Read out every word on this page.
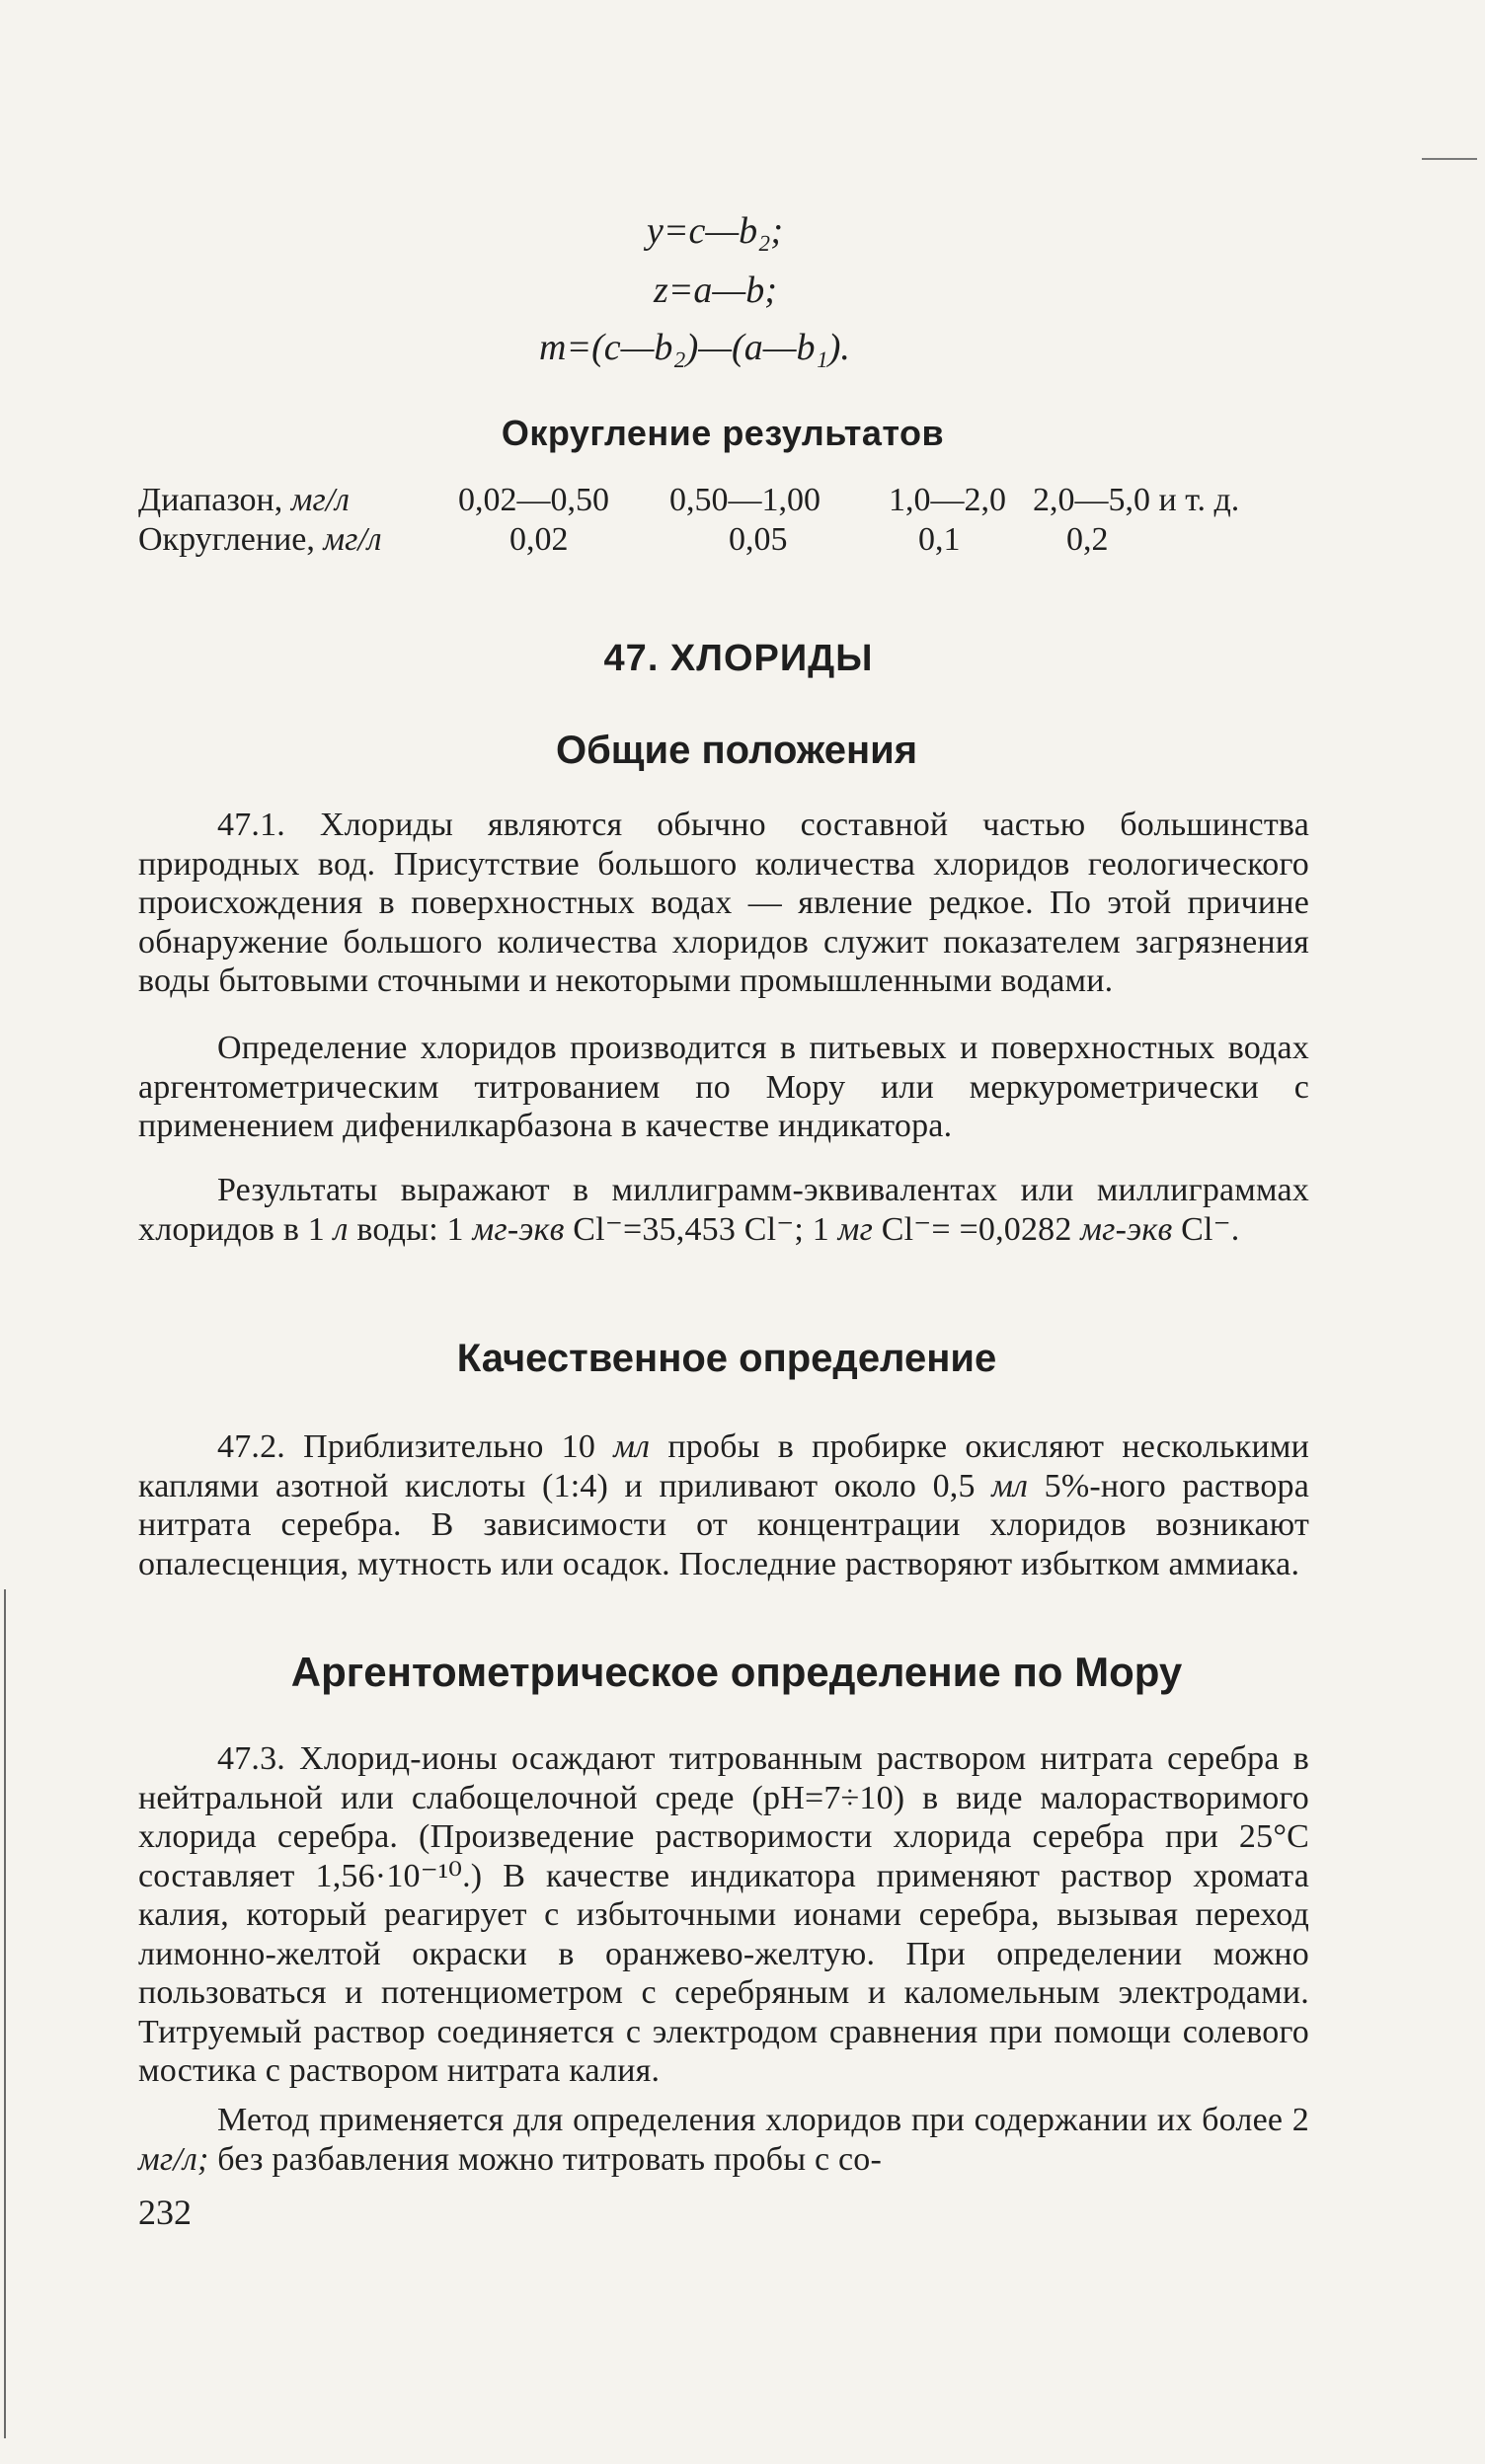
y=c—b₂;
z=a—b;
m=(c—b₂)—(a—b₁).
Округление результатов
Диапазон, мг/л	0,02—0,50 0,50—1,00 1,0—2,0 2,0—5,0 и т. д.
Округление, мг/л	0,02	0,05	0,1	0,2
47. ХЛОРИДЫ
Общие положения

47.1. Хлориды являются обычно составной частью большинства природных вод. Присутствие большого количества хлоридов геологического происхождения в поверхностных водах — явление редкое. По этой причине обнаружение большого количества хлоридов служит показателем загрязнения воды бытовыми сточными и некоторыми промышленными водами.

Определение хлоридов производится в питьевых и поверхностных водах аргентометрическим титрованием по Мору или меркурометрически с применением дифенилкарбазона в качестве индикатора.

Результаты выражают в миллиграмм-эквивалентах или миллиграммах хлоридов в 1 л воды: 1 мг-экв Cl⁻=35,453 Cl⁻; 1 мг Cl⁻= =0,0282 мг-экв Cl⁻.

Качественное определение

47.2. Приблизительно 10 мл пробы в пробирке окисляют несколькими каплями азотной кислоты (1:4) и приливают около 0,5 мл 5%-ного раствора нитрата серебра. В зависимости от концентрации хлоридов возникают опалесценция, мутность или осадок. Последние растворяют избытком аммиака.

Аргентометрическое определение по Мору

47.3. Хлорид-ионы осаждают титрованным раствором нитрата серебра в нейтральной или слабощелочной среде (pH=7÷10) в виде малорастворимого хлорида серебра. (Произведение растворимости хлорида серебра при 25°С составляет 1,56·10⁻¹⁰.) В качестве индикатора применяют раствор хромата калия, который реагирует с избыточными ионами серебра, вызывая переход лимонно-желтой окраски в оранжево-желтую. При определении можно пользоваться и потенциометром с серебряным и каломельным электродами. Титруемый раствор соединяется с электродом сравнения при помощи солевого мостика с раствором нитрата калия.

Метод применяется для определения хлоридов при содержании их более 2 мг/л; без разбавления можно титровать пробы с со-

232
